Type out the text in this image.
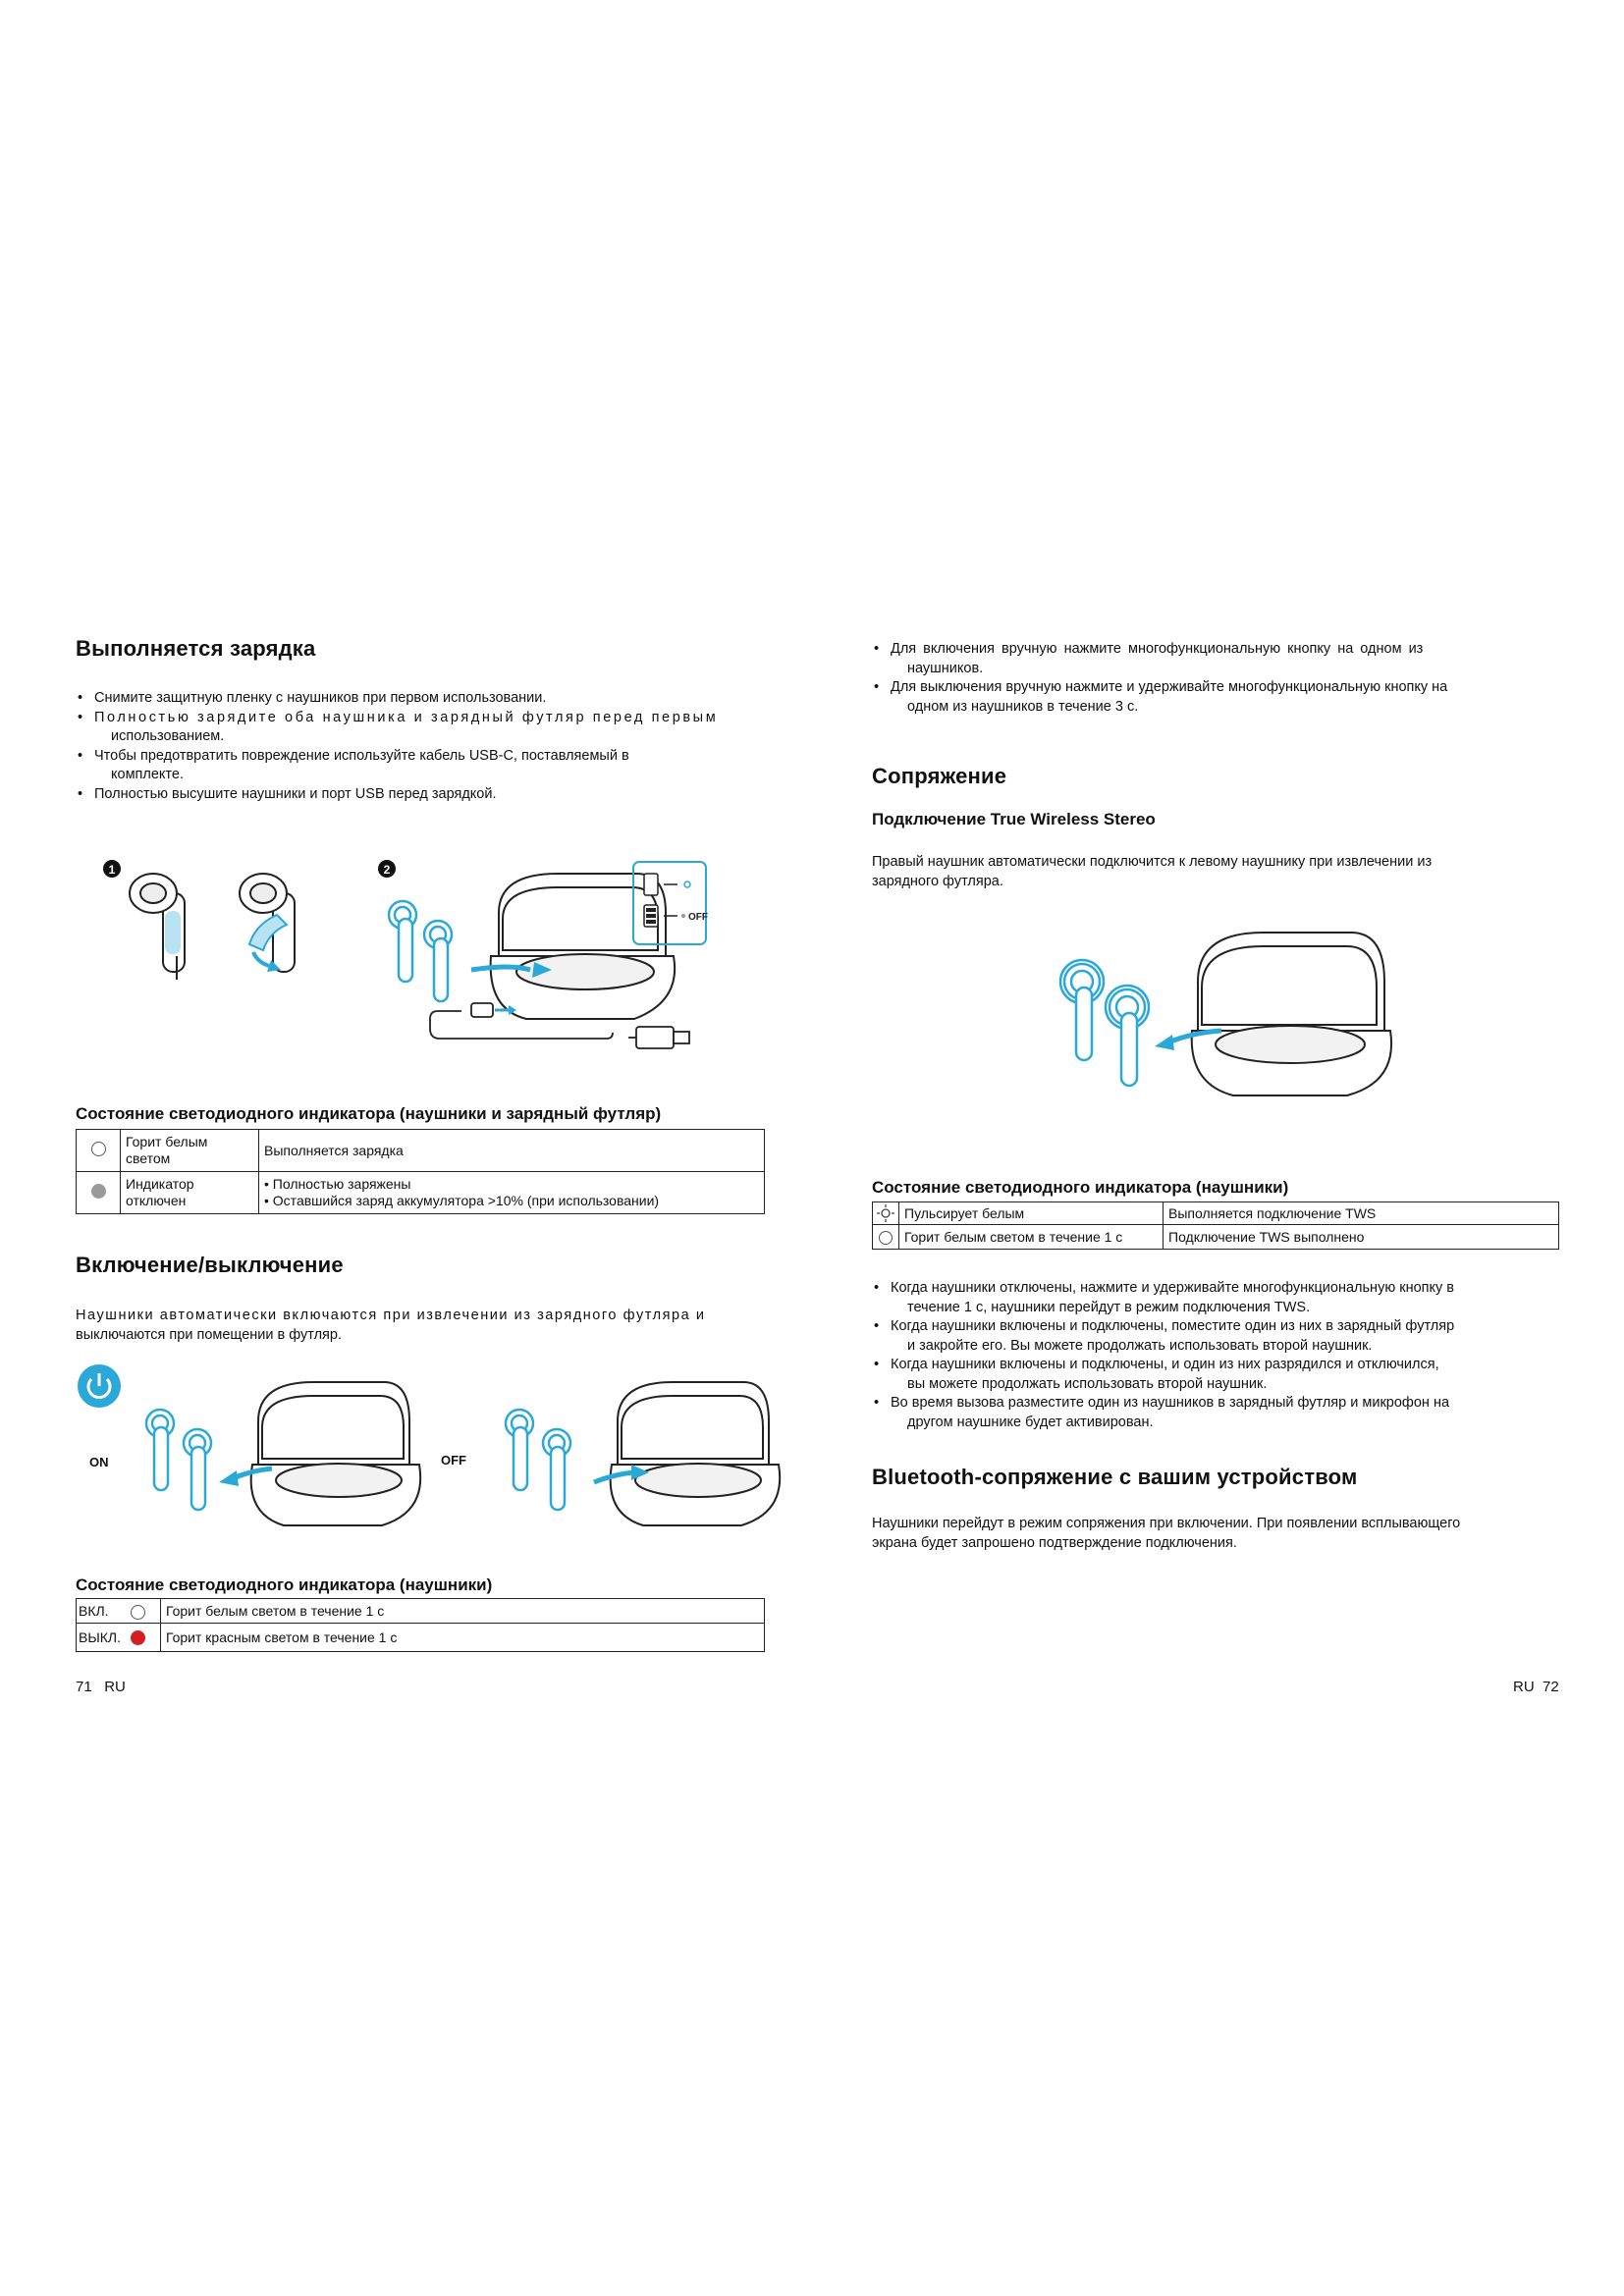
Выполняется зарядка
• Снимите защитную пленку с наушников при первом использовании.
• Полностью зарядите оба наушника и зарядный футляр перед первым
использованием.
• Чтобы предотвратить повреждение используйте кабель USB-C, поставляемый в
комплекте.
• Полностью высушите наушники и порт USB перед зарядкой.
1	2
OFF
Состояние светодиодного индикатора (наушники и зарядный футляр)
	Горит белым
светом	Выполняется зарядка
	Индикатор
отключен	• Полностью заряжены
• Оставшийся заряд аккумулятора >10% (при использовании)
Включение/выключение

Наушники автоматически включаются при извлечении из зарядного футляра и
выключаются при помещении в футляр.

ON	OFF
Состояние светодиодного индикатора (наушники)
ВКЛ.		Горит белым светом в течение 1 с
ВЫКЛ.		Горит красным светом в течение 1 с
71 RU
• Для включения вручную нажмите многофункциональную кнопку на одном из
наушников.
• Для выключения вручную нажмите и удерживайте многофункциональную кнопку на
одном из наушников в течение 3 с.
Сопряжение
Подключение True Wireless Stereo

Правый наушник автоматически подключится к левому наушнику при извлечении из
зарядного футляра.

Состояние светодиодного индикатора (наушники)
	Пульсирует белым	Выполняется подключение TWS
	Горит белым светом в течение 1 с	Подключение TWS выполнено
• Когда наушники отключены, нажмите и удерживайте многофункциональную кнопку в
течение 1 с, наушники перейдут в режим подключения TWS.
• Когда наушники включены и подключены, поместите один из них в зарядный футляр
и закройте его. Вы можете продолжать использовать второй наушник.
• Когда наушники включены и подключены, и один из них разрядился и отключился,
вы можете продолжать использовать второй наушник.
• Во время вызова разместите один из наушников в зарядный футляр и микрофон на
другом наушнике будет активирован.
Bluetooth-сопряжение с вашим устройством

Наушники перейдут в режим сопряжения при включении. При появлении всплывающего
экрана будет запрошено подтверждение подключения.

RU 72
